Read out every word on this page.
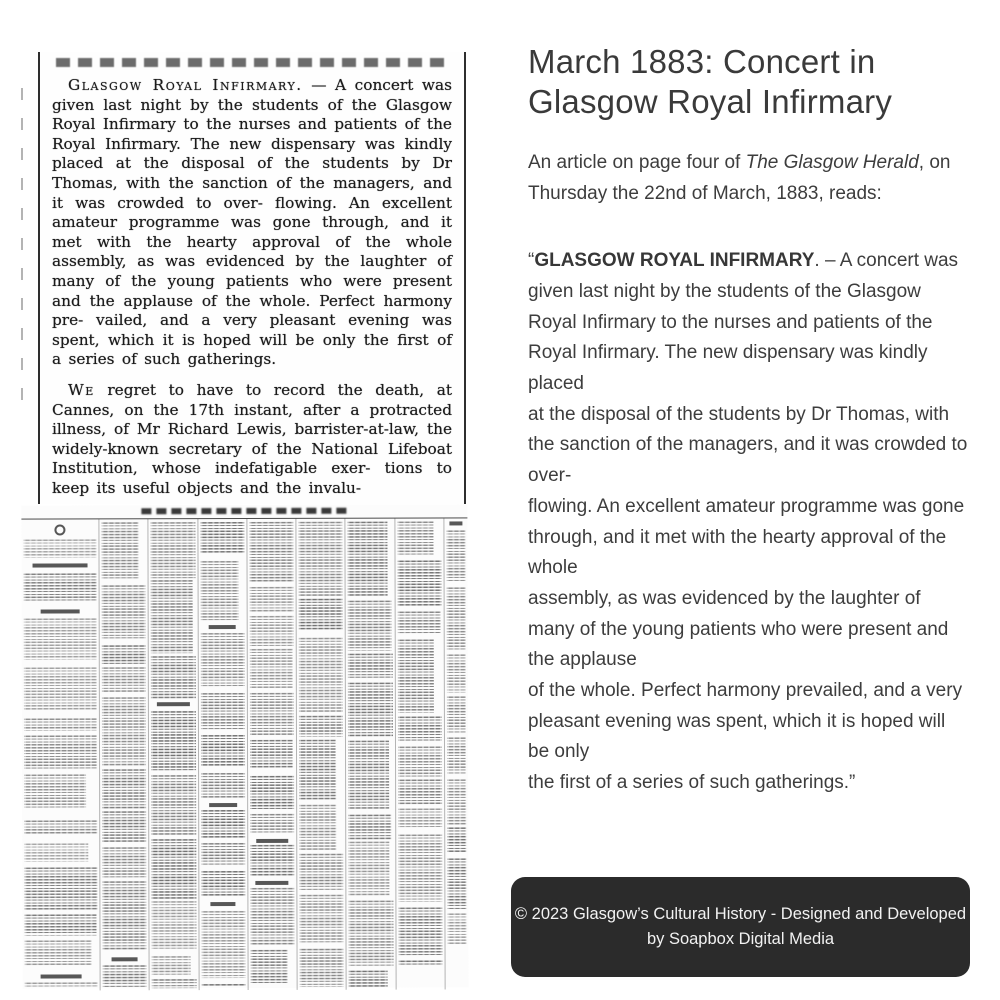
Glasgow Royal Infirmary. — A concert was given last night by the students of the Glasgow Royal Infirmary to the nurses and patients of the Royal Infirmary. The new dispensary was kindly placed at the disposal of the students by Dr Thomas, with the sanction of the managers, and it was crowded to over- flowing. An excellent amateur programme was gone through, and it met with the hearty approval of the whole assembly, as was evidenced by the laughter of many of the young patients who were present and the applause of the whole. Perfect harmony pre- vailed, and a very pleasant evening was spent, which it is hoped will be only the first of a series of such gatherings.

We regret to have to record the death, at Cannes, on the 17th instant, after a protracted illness, of Mr Richard Lewis, barrister-at-law, the widely-known secretary of the National Lifeboat Institution, whose indefatigable exer- tions to keep its useful objects and the invalu-

March 1883: Concert in Glasgow Royal Infirmary

An article on page four of The Glasgow Herald, on Thursday the 22nd of March, 1883, reads:

“GLASGOW ROYAL INFIRMARY. – A concert was given last night by the students of the Glasgow
Royal Infirmary to the nurses and patients of the Royal Infirmary. The new dispensary was kindly placed
at the disposal of the students by Dr Thomas, with the sanction of the managers, and it was crowded to over-
flowing. An excellent amateur programme was gone through, and it met with the hearty approval of the whole
assembly, as was evidenced by the laughter of many of the young patients who were present and the applause
of the whole. Perfect harmony prevailed, and a very pleasant evening was spent, which it is hoped will be only
the first of a series of such gatherings.”

© 2023 Glasgow’s Cultural History - Designed and Developed
by Soapbox Digital Media
